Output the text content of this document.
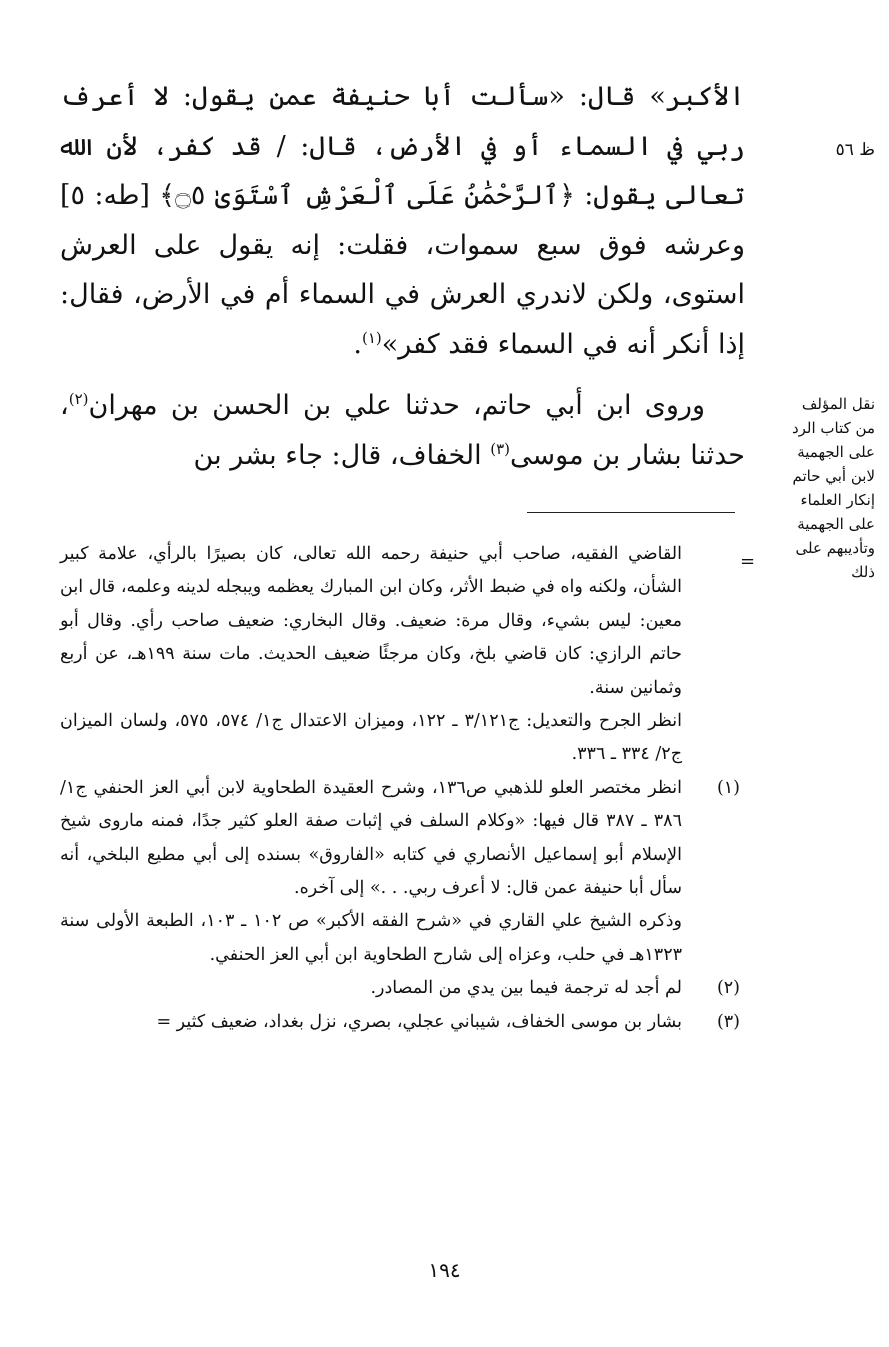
ظ ٥٦
نقل المؤلف من كتاب الرد على الجهمية لابن أبي حاتم إنكار العلماء على الجهمية وتأديبهم على ذلك

الأكبر» قال: «سألت أبا حنيفة عمن يقول: لا أعرف ربي في السماء أو في الأرض، قال: / قد كفر، لأن الله تعالى يقول: ﴿ٱلرَّحْمَٰنُ عَلَى ٱلْعَرْشِ ٱسْتَوَىٰ ۝٥﴾ [طه: ٥] وعرشه فوق سبع سموات، فقلت: إنه يقول على العرش استوى، ولكن لاندري العرش في السماء أم في الأرض، فقال: إذا أنكر أنه في السماء فقد كفر»$^{(١)}$.

وروى ابن أبي حاتم، حدثنا علي بن الحسن بن مهران$^{(٢)}$، حدثنا بشار بن موسى$^{(٣)}$ الخفاف، قال: جاء بشر بن

=

القاضي الفقيه، صاحب أبي حنيفة رحمه الله تعالى، كان بصيرًا بالرأي، علامة كبير الشأن، ولكنه واه في ضبط الأثر، وكان ابن المبارك يعظمه ويبجله لدينه وعلمه، قال ابن معين: ليس بشيء، وقال مرة: ضعيف. وقال البخاري: ضعيف صاحب رأي. وقال أبو حاتم الرازي: كان قاضي بلخ، وكان مرجئًا ضعيف الحديث. مات سنة ١٩٩هـ، عن أربع وثمانين سنة.

انظر الجرح والتعديل: ج٣/١٢١ ـ ١٢٢، وميزان الاعتدال ج١/ ٥٧٤، ٥٧٥، ولسان الميزان ج٢/ ٣٣٤ ـ ٣٣٦.

(١)
انظر مختصر العلو للذهبي ص١٣٦، وشرح العقيدة الطحاوية لابن أبي العز الحنفي ج١/ ٣٨٦ ـ ٣٨٧ قال فيها: «وكلام السلف في إثبات صفة العلو كثير جدًا، فمنه ماروى شيخ الإسلام أبو إسماعيل الأنصاري في كتابه «الفاروق» بسنده إلى أبي مطيع البلخي، أنه سأل أبا حنيفة عمن قال: لا أعرف ربي. . .» إلى آخره.

وذكره الشيخ علي القاري في «شرح الفقه الأكبر» ص ١٠٢ ـ ١٠٣، الطبعة الأولى سنة ١٣٢٣هـ في حلب، وعزاه إلى شارح الطحاوية ابن أبي العز الحنفي.

(٢)
لم أجد له ترجمة فيما بين يدي من المصادر.

(٣)
بشار بن موسى الخفاف، شيباني عجلي، بصري، نزل بغداد، ضعيف كثير =

١٩٤
